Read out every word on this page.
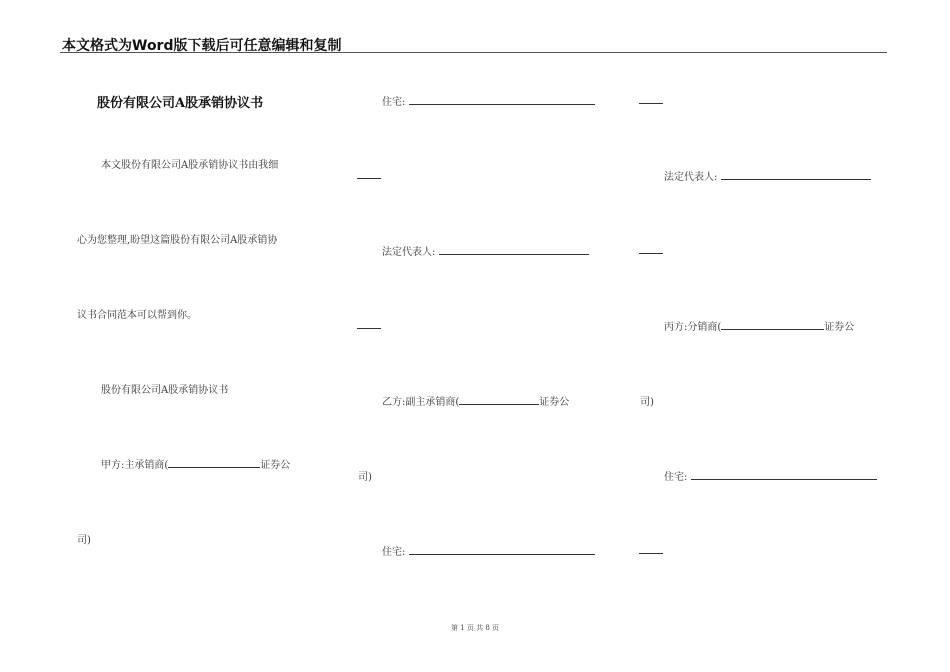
本文格式为Word版下载后可任意编辑和复制
股份有限公司A股承销协议书
本文股份有限公司A股承销协议书由我细
心为您整理,盼望这篇股份有限公司A股承销协
议书合同范本可以帮到你。
股份有限公司A股承销协议书
甲方:主承销商(	证券公
司)
住宅:
法定代表人:
乙方:副主承销商(	证券公
司)
住宅:
法定代表人:
丙方:分销商(	证券公
司)
住宅:
第 1 页 共 8 页
